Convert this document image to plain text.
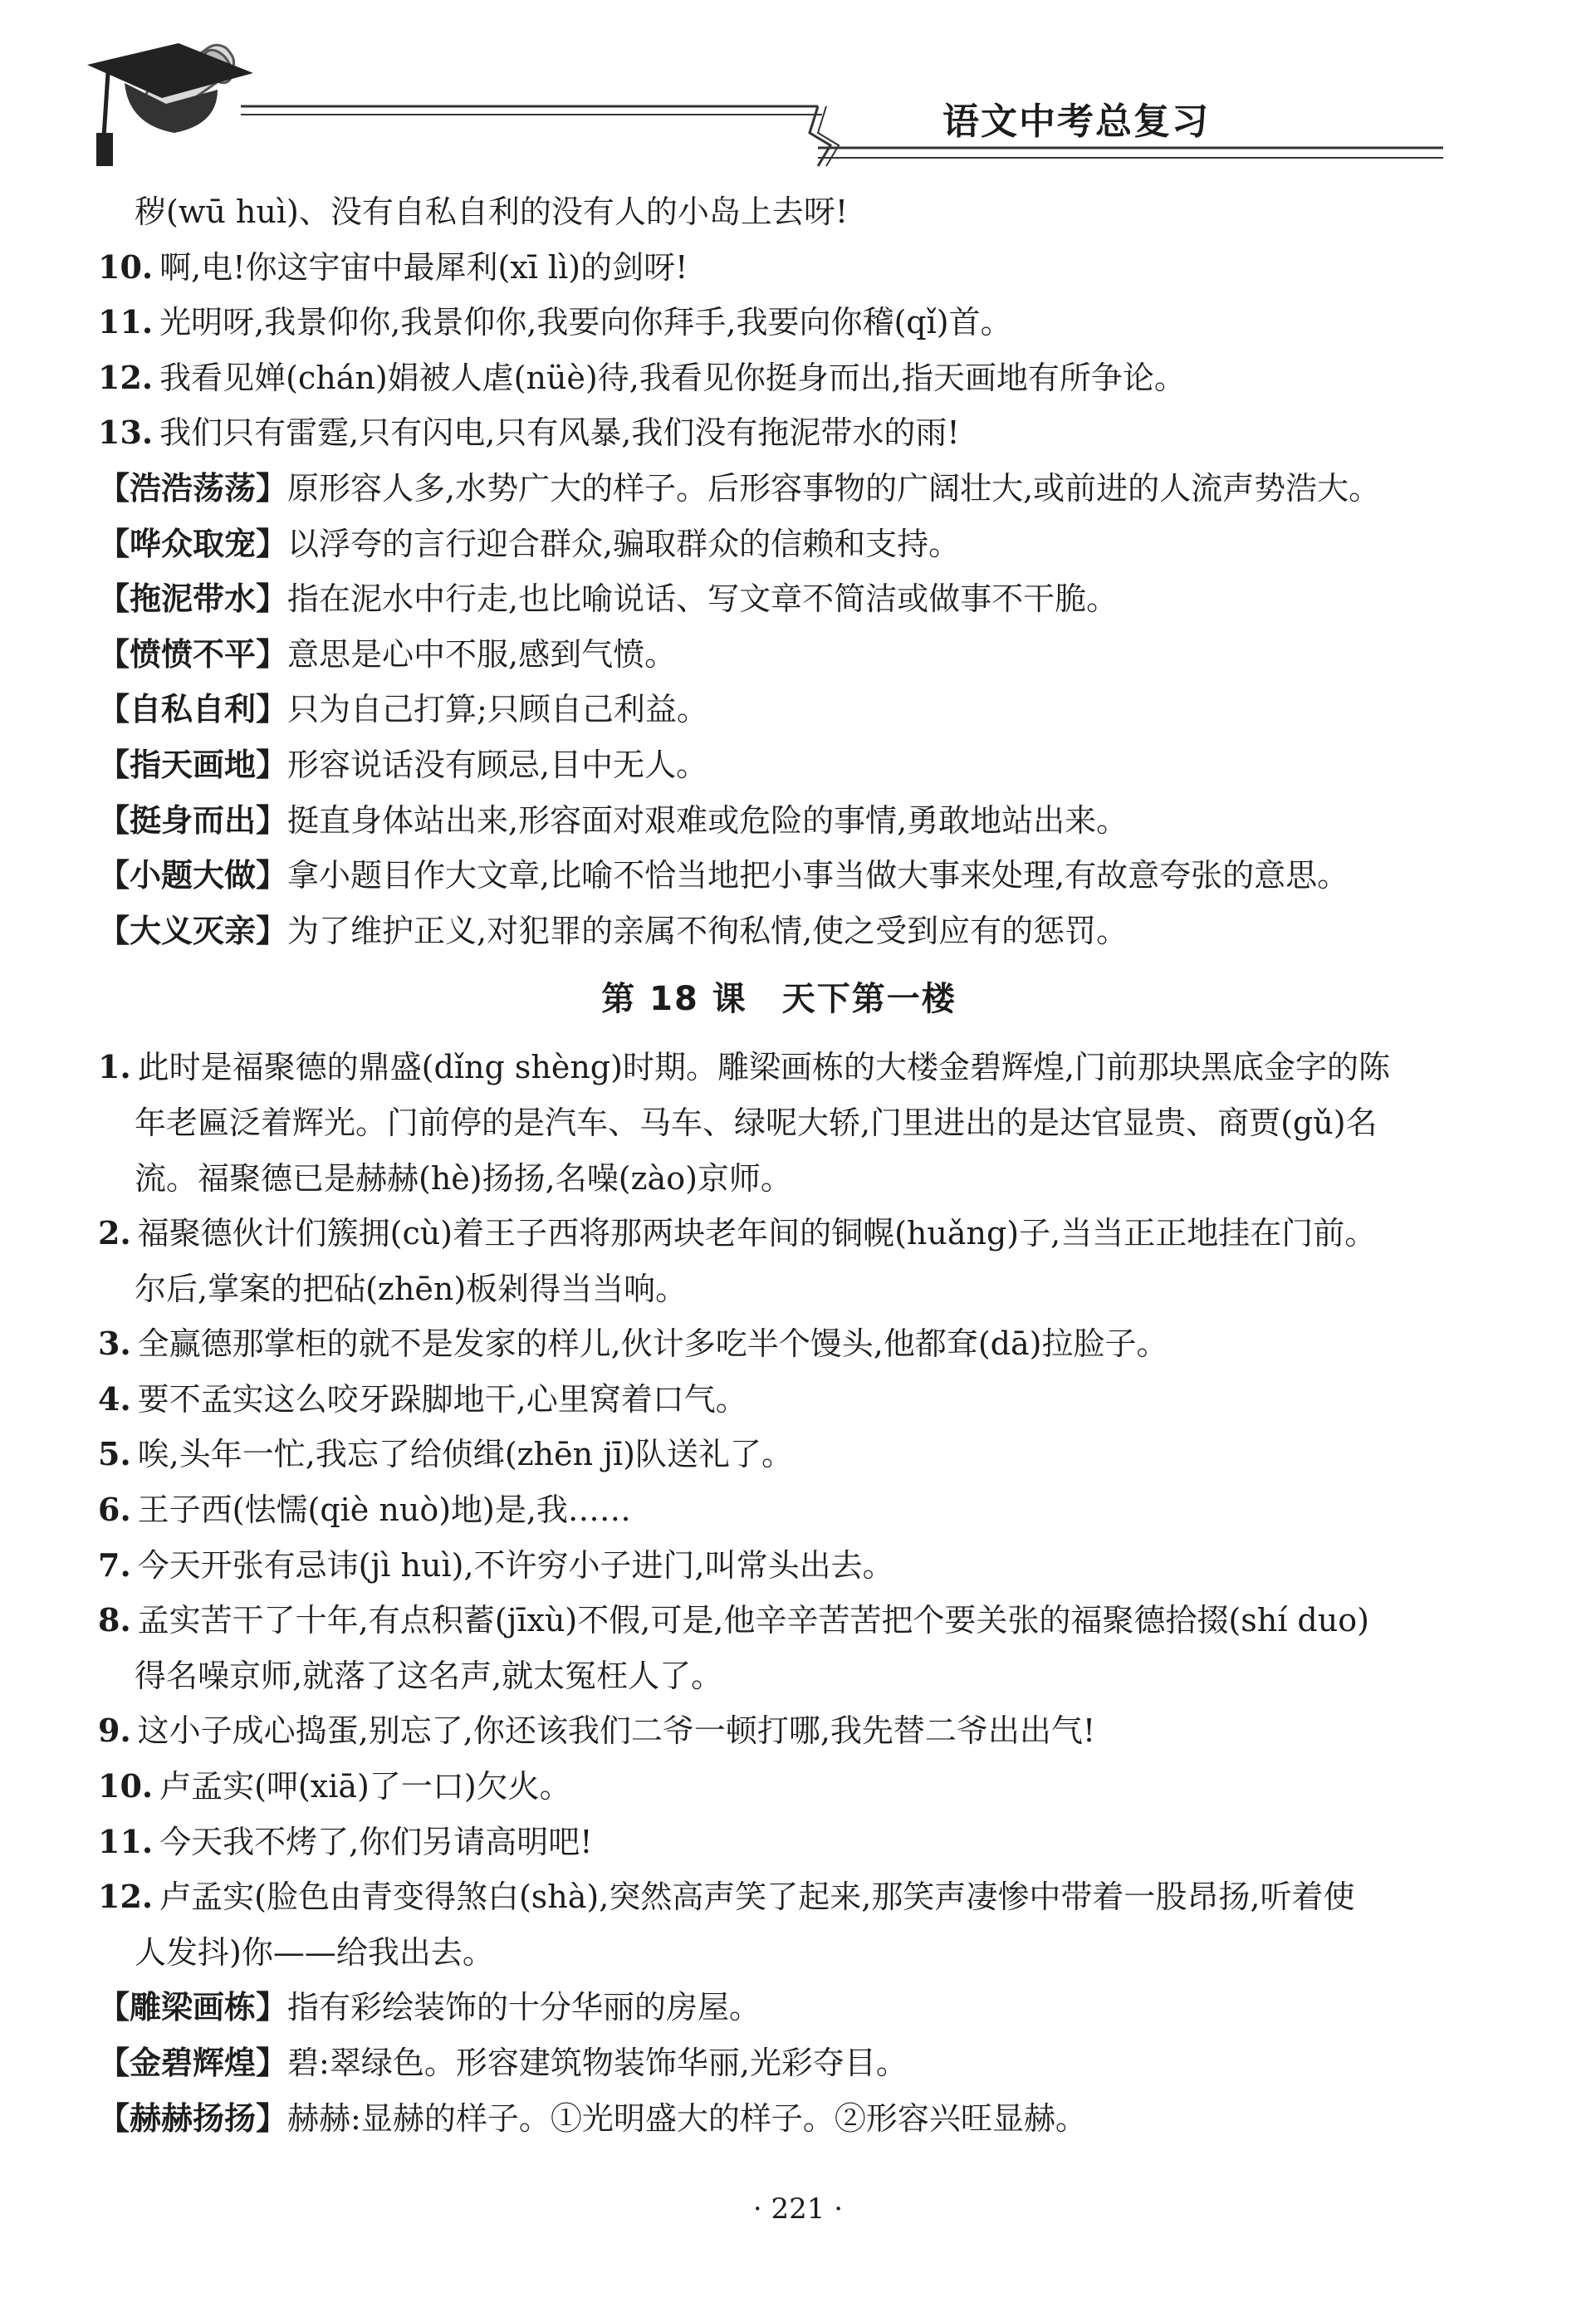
语文中考总复习
秽(wū huì)、没有自私自利的没有人的小岛上去呀!
10. 啊,电!你这宇宙中最犀利(xī lì)的剑呀!
11. 光明呀,我景仰你,我景仰你,我要向你拜手,我要向你稽(qǐ)首。
12. 我看见婵(chán)娟被人虐(nüè)待,我看见你挺身而出,指天画地有所争论。
13. 我们只有雷霆,只有闪电,只有风暴,我们没有拖泥带水的雨!
【浩浩荡荡】原形容人多,水势广大的样子。后形容事物的广阔壮大,或前进的人流声势浩大。
【哗众取宠】以浮夸的言行迎合群众,骗取群众的信赖和支持。
【拖泥带水】指在泥水中行走,也比喻说话、写文章不简洁或做事不干脆。
【愤愤不平】意思是心中不服,感到气愤。
【自私自利】只为自己打算;只顾自己利益。
【指天画地】形容说话没有顾忌,目中无人。
【挺身而出】挺直身体站出来,形容面对艰难或危险的事情,勇敢地站出来。
【小题大做】拿小题目作大文章,比喻不恰当地把小事当做大事来处理,有故意夸张的意思。
【大义灭亲】为了维护正义,对犯罪的亲属不徇私情,使之受到应有的惩罚。
第 18 课　天下第一楼
1. 此时是福聚德的鼎盛(dǐng shèng)时期。雕梁画栋的大楼金碧辉煌,门前那块黑底金字的陈
年老匾泛着辉光。门前停的是汽车、马车、绿呢大轿,门里进出的是达官显贵、商贾(gǔ)名
流。福聚德已是赫赫(hè)扬扬,名噪(zào)京师。
2. 福聚德伙计们簇拥(cù)着王子西将那两块老年间的铜幌(huǎng)子,当当正正地挂在门前。
尔后,掌案的把砧(zhēn)板剁得当当响。
3. 全赢德那掌柜的就不是发家的样儿,伙计多吃半个馒头,他都耷(dā)拉脸子。
4. 要不孟实这么咬牙跺脚地干,心里窝着口气。
5. 唉,头年一忙,我忘了给侦缉(zhēn jī)队送礼了。
6. 王子西(怯懦(qiè nuò)地)是,我……
7. 今天开张有忌讳(jì huì),不许穷小子进门,叫常头出去。
8. 孟实苦干了十年,有点积蓄(jīxù)不假,可是,他辛辛苦苦把个要关张的福聚德拾掇(shí duo)
得名噪京师,就落了这名声,就太冤枉人了。
9. 这小子成心捣蛋,别忘了,你还该我们二爷一顿打哪,我先替二爷出出气!
10. 卢孟实(呷(xiā)了一口)欠火。
11. 今天我不烤了,你们另请高明吧!
12. 卢孟实(脸色由青变得煞白(shà),突然高声笑了起来,那笑声凄惨中带着一股昂扬,听着使
人发抖)你——给我出去。
【雕梁画栋】指有彩绘装饰的十分华丽的房屋。
【金碧辉煌】碧:翠绿色。形容建筑物装饰华丽,光彩夺目。
【赫赫扬扬】赫赫:显赫的样子。①光明盛大的样子。②形容兴旺显赫。
· 221 ·
